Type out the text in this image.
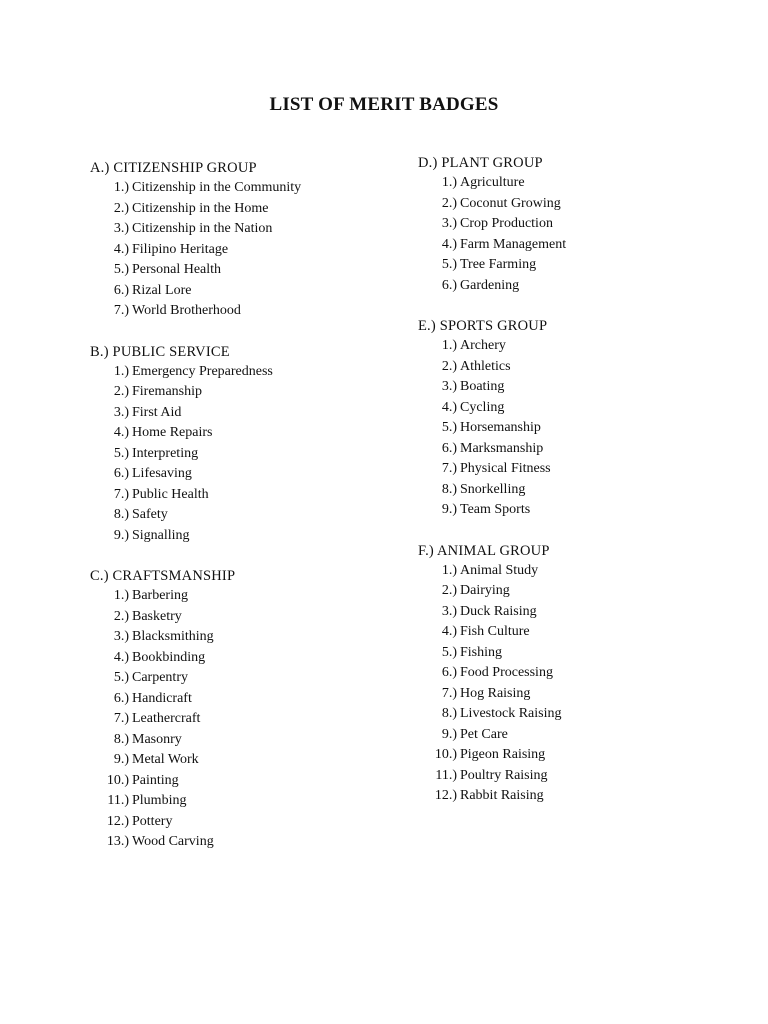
LIST OF MERIT BADGES
A.) CITIZENSHIP GROUP
1.) Citizenship in the Community
2.) Citizenship in the Home
3.) Citizenship in the Nation
4.) Filipino Heritage
5.) Personal Health
6.) Rizal Lore
7.) World Brotherhood
B.) PUBLIC SERVICE
1.) Emergency Preparedness
2.) Firemanship
3.) First Aid
4.) Home Repairs
5.) Interpreting
6.) Lifesaving
7.) Public Health
8.) Safety
9.) Signalling
C.) CRAFTSMANSHIP
1.) Barbering
2.) Basketry
3.) Blacksmithing
4.) Bookbinding
5.) Carpentry
6.) Handicraft
7.) Leathercraft
8.) Masonry
9.) Metal Work
10.) Painting
11.) Plumbing
12.) Pottery
13.) Wood Carving
D.) PLANT GROUP
1.) Agriculture
2.) Coconut Growing
3.) Crop Production
4.) Farm Management
5.) Tree Farming
6.) Gardening
E.) SPORTS GROUP
1.) Archery
2.) Athletics
3.) Boating
4.) Cycling
5.) Horsemanship
6.) Marksmanship
7.) Physical Fitness
8.) Snorkelling
9.) Team Sports
F.) ANIMAL GROUP
1.) Animal Study
2.) Dairying
3.) Duck Raising
4.) Fish Culture
5.) Fishing
6.) Food Processing
7.) Hog Raising
8.) Livestock Raising
9.) Pet Care
10.) Pigeon Raising
11.) Poultry Raising
12.) Rabbit Raising
